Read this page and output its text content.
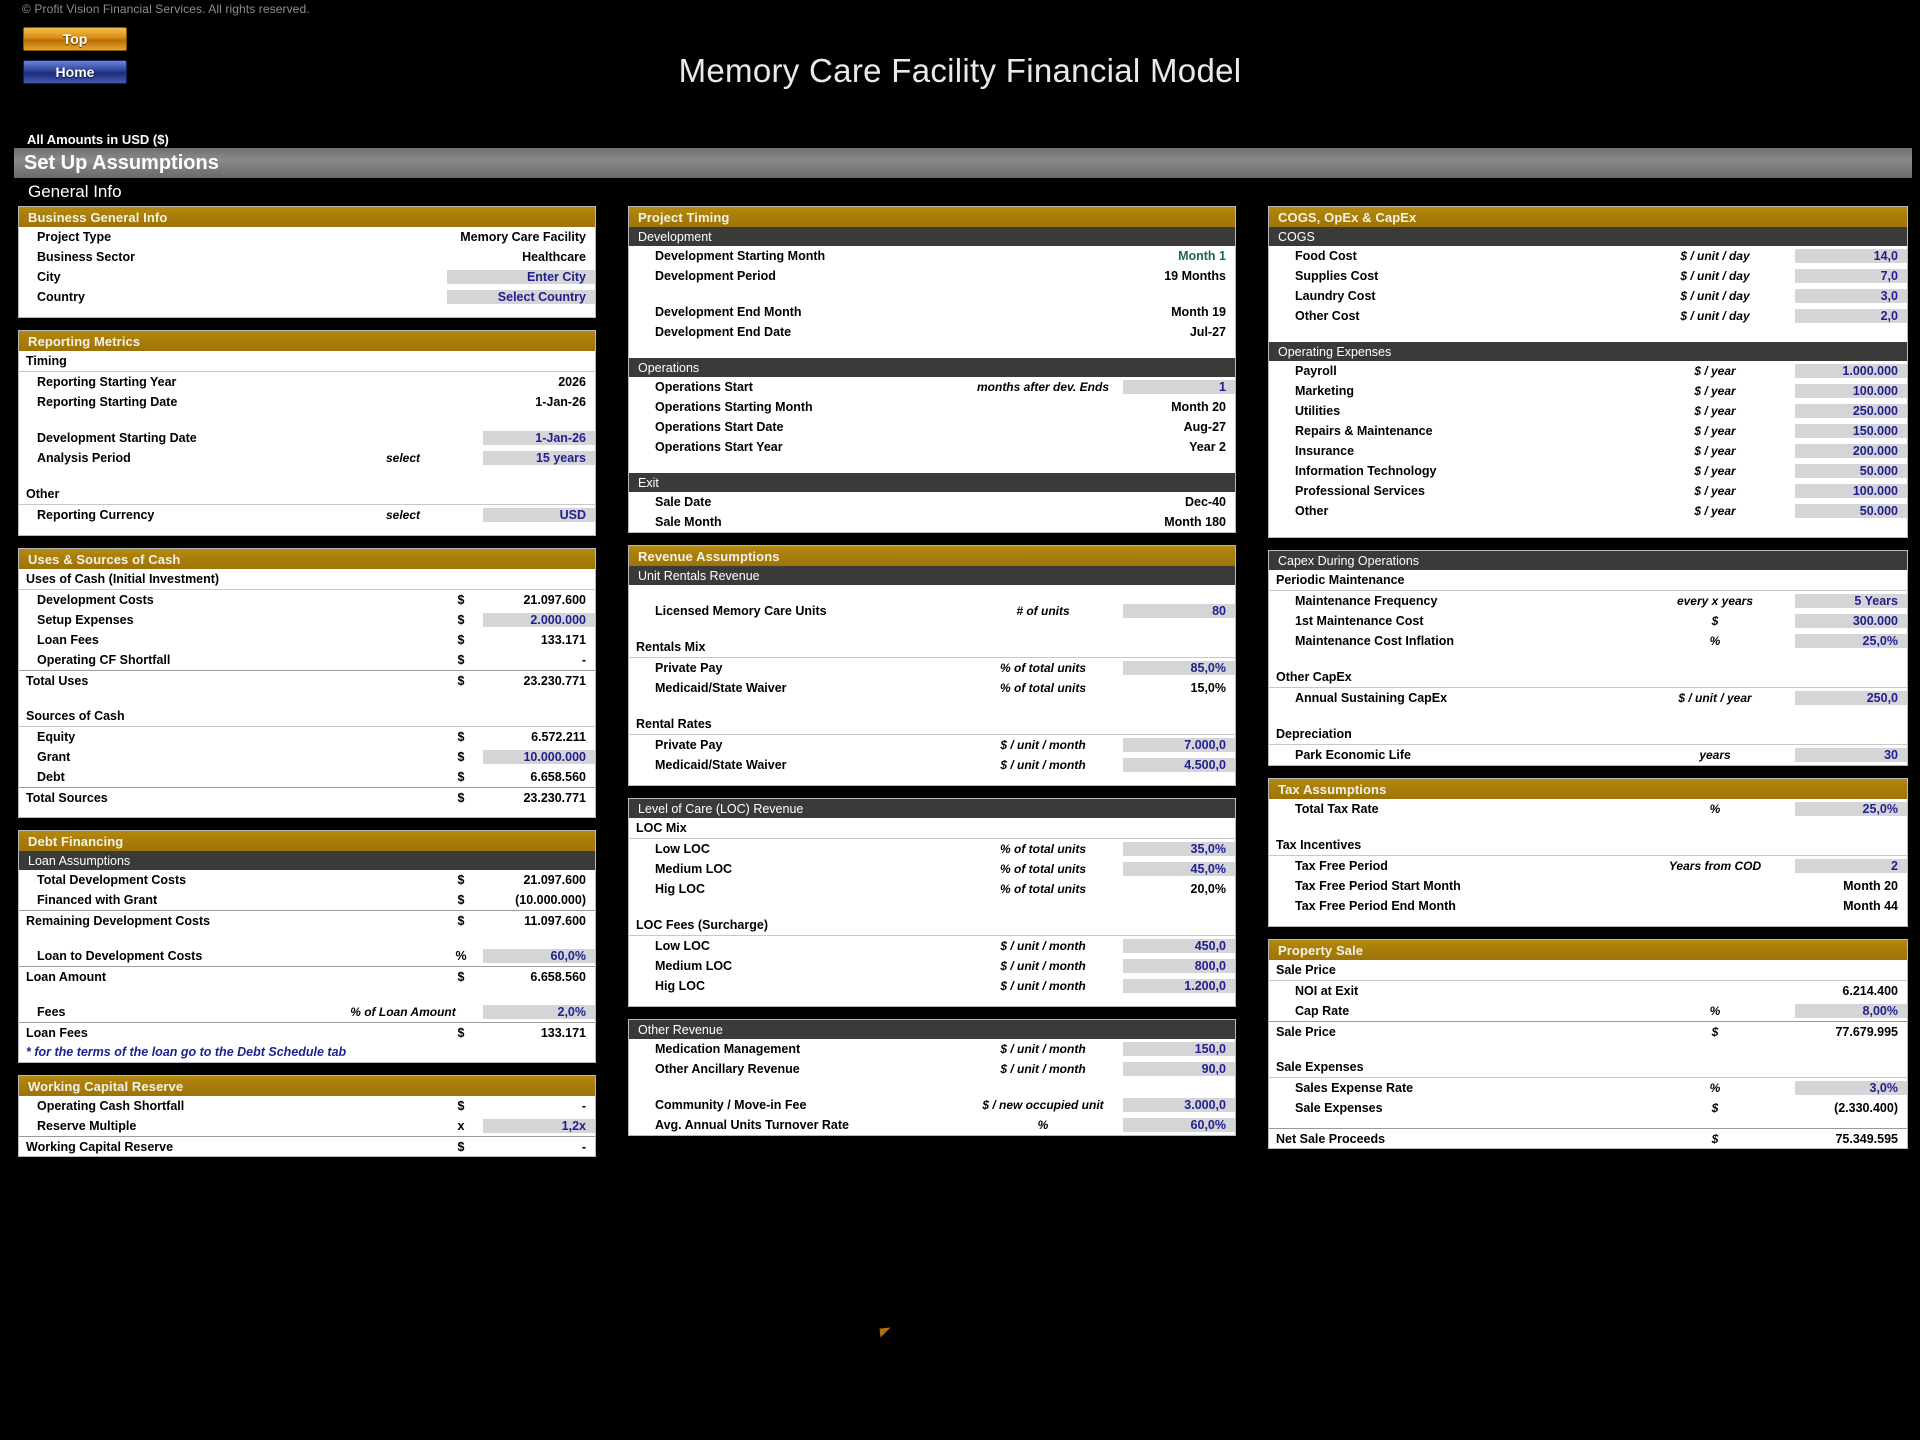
© Profit Vision Financial Services. All rights reserved.
Top
Home	Memory Care Facility Financial Model
All Amounts in USD ($)
Set Up Assumptions
General Info
Business General Info
Project Type	Memory Care Facility
Business Sector	Healthcare
City	Enter City
Country	Select Country
Reporting Metrics
Timing
Reporting Starting Year	2026
Reporting Starting Date	1-Jan-26
Development Starting Date	1-Jan-26
Analysis Period	select	15 years
Other
Reporting Currency	select	USD
Uses & Sources of Cash
Uses of Cash (Initial Investment)
Development Costs	$	21.097.600
Setup Expenses	$	2.000.000
Loan Fees	$	133.171
Operating CF Shortfall	$	-
Total Uses	$	23.230.771
Sources of Cash
Equity	$	6.572.211
Grant	$	10.000.000
Debt	$	6.658.560
Total Sources	$	23.230.771
Debt Financing
Loan Assumptions
Total Development Costs	$	21.097.600
Financed with Grant	$	(10.000.000)
Remaining Development Costs	$	11.097.600
Loan to Development Costs	%	60,0%
Loan Amount	$	6.658.560
Fees	% of Loan Amount	2,0%
Loan Fees	$	133.171
* for the terms of the loan go to the Debt Schedule tab
Working Capital Reserve
Operating Cash Shortfall	$	-
Reserve Multiple	x	1,2x
Working Capital Reserve	$	-
Project Timing
Development
Development Starting Month	Month 1
Development Period	19 Months
Development End Month	Month 19
Development End Date	Jul-27
Operations
Operations Start	months after dev. Ends	1
Operations Starting Month	Month 20
Operations Start Date	Aug-27
Operations Start Year	Year 2
Exit
Sale Date	Dec-40
Sale Month	Month 180
Revenue Assumptions
Unit Rentals Revenue
Licensed Memory Care Units	# of units	80
Rentals Mix
Private Pay	% of total units	85,0%
Medicaid/State Waiver	% of total units	15,0%
Rental Rates
Private Pay	$ / unit / month	7.000,0
Medicaid/State Waiver	$ / unit / month	4.500,0
Level of Care (LOC) Revenue
LOC Mix
Low LOC	% of total units	35,0%
Medium LOC	% of total units	45,0%
Hig LOC	% of total units	20,0%
LOC Fees (Surcharge)
Low LOC	$ / unit / month	450,0
Medium LOC	$ / unit / month	800,0
Hig LOC	$ / unit / month	1.200,0
Other Revenue
Medication Management	$ / unit / month	150,0
Other Ancillary Revenue	$ / unit / month	90,0
Community / Move-in Fee	$ / new occupied unit	3.000,0
Avg. Annual Units Turnover Rate	%	60,0%
COGS, OpEx & CapEx
COGS
Food Cost	$ / unit / day	14,0
Supplies Cost	$ / unit / day	7,0
Laundry Cost	$ / unit / day	3,0
Other Cost	$ / unit / day	2,0
Operating Expenses
Payroll	$ / year	1.000.000
Marketing	$ / year	100.000
Utilities	$ / year	250.000
Repairs & Maintenance	$ / year	150.000
Insurance	$ / year	200.000
Information Technology	$ / year	50.000
Professional Services	$ / year	100.000
Other	$ / year	50.000
Capex During Operations
Periodic Maintenance
Maintenance Frequency	every x years	5 Years
1st Maintenance Cost	$	300.000
Maintenance Cost Inflation	%	25,0%
Other CapEx
Annual Sustaining CapEx	$ / unit / year	250,0
Depreciation
Park Economic Life	years	30
Tax Assumptions
Total Tax Rate	%	25,0%
Tax Incentives
Tax Free Period	Years from COD	2
Tax Free Period Start Month	Month 20
Tax Free Period End Month	Month 44
Property Sale
Sale Price
NOI at Exit	6.214.400
Cap Rate	%	8,00%
Sale Price	$	77.679.995
Sale Expenses
Sales Expense Rate	%	3,0%
Sale Expenses	$	(2.330.400)
Net Sale Proceeds	$	75.349.595
